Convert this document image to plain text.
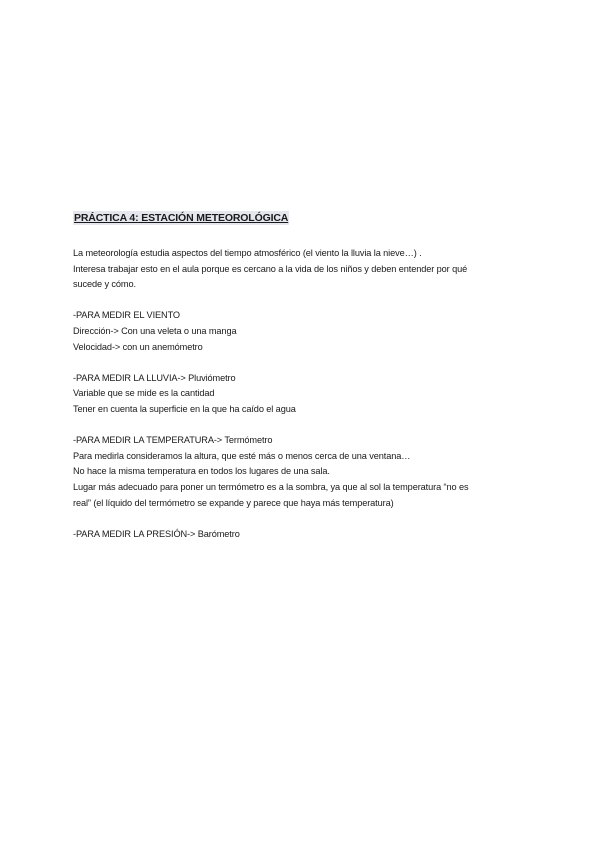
PRÁCTICA 4: ESTACIÓN METEOROLÓGICA

La meteorología estudia aspectos del tiempo atmosférico (el viento la lluvia la nieve…) .
Interesa trabajar esto en el aula porque es cercano a la vida de los niños y deben entender por qué
sucede y cómo.

-PARA MEDIR EL VIENTO
Dirección-> Con una veleta o una manga
Velocidad-> con un anemómetro

-PARA MEDIR LA LLUVIA-> Pluviómetro
Variable que se mide es la cantidad
Tener en cuenta la superficie en la que ha caído el agua

-PARA MEDIR LA TEMPERATURA-> Termómetro
Para medirla consideramos la altura, que esté más o menos cerca de una ventana…
No hace la misma temperatura en todos los lugares de una sala.
Lugar más adecuado para poner un termómetro es a la sombra, ya que al sol la temperatura “no es
real” (el líquido del termómetro se expande y parece que haya más temperatura)

-PARA MEDIR LA PRESIÓN-> Barómetro
